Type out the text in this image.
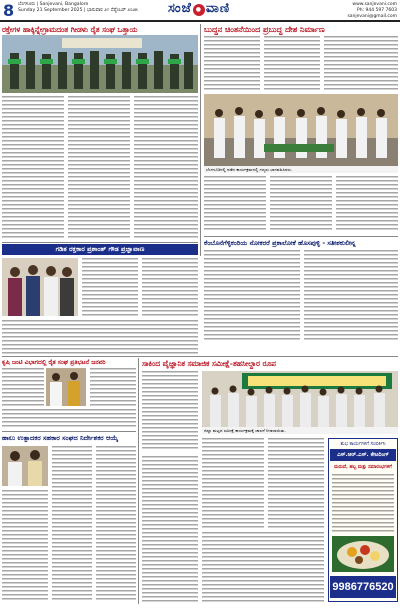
8 ಬೆಂಗಳೂರು | Sanjevani, Bangalore
Sunday 21 September 2025 | ಭಾನುವಾರ ೨೧ ಸೆಪ್ಟೆಂಬರ್ ೨೦೨೫ ಸಂಜೆ ● ವಾಣಿ	www.sanjevani.com
Ph: 944 597 7603
sanjevani@gmail.com
ರಕ್ತೇಗಳ ಹಾಕ್ಕಿನ್ನೇಗ್ರಾಮದಂತ ಗೀಡಳು ರೈತ ಸಂಘ ಒತ್ತಾಯ	ಬುದ್ಧನ ಚಿಂತನೆಯಿಂದ ಪ್ರಬುದ್ಧ ದೇಶ ನಿರ್ಮಾಣ
ಬೆಂಗಳೂರಿನಲ್ಲಿ ನಡೆದ ಕಾರ್ಯಕ್ರಮದಲ್ಲಿ ಗಣ್ಯರು ಭಾಗವಹಿಸಿದರು.
ಕೆಂಬೊನೆಗೆಳ್ಳಿಕಂರಿಯ ನೋಕರರೆ ಪ್ರಕಾಲೋಕೆ ಹೊಸಪುಳ್ಳಿ - ಸತೀಶಕುಲೀನ್ನ
ಗಡಿತ ರಕ್ತಕಾರ ಪ್ರಶಾಂತ್ ಗೌಡ ಪ್ರಜ್ಞಾವಾಣ
ಕೃಷಿ ಜಂಟಿ ವಿಭಾಗದಲ್ಲಿ ರೈತ ಸಂಘ ಪ್ರತಿಭಟನೆ ಜನವರಿ	ಸಾಕಿಂದ ವೈಜ್ಞಾನಿಕ ಸಮಾಜಿಕ ಸಮೀಕ್ಷೆ-ತಹಸೀಲ್ದಾರ ರೂಪ
ಜಿಲ್ಲಾ ಮಟ್ಟದ ಸಮೀಕ್ಷೆ ಕಾರ್ಯಕ್ರಮಕ್ಕೆ ಚಾಲನೆ ನೀಡಲಾಯಿತು.
ಹಾಲು ಉತ್ಪಾದಕರ ಸಹಕಾರ ಸಂಘದ ನಿರ್ದೇಶಕರ ಆಯ್ಕೆ
ಶುಭ ಕಾರ್ಯಗಳಿಗೆ ಸಂಪರ್ಕಿಸಿ
ಎಸ್.ಆರ್.ಎಸ್. ಕೇಟರಿಂಗ್
ಮದುವೆ, ಹಬ್ಬ ಮತ್ತು ಸಮಾರಂಭಗಳಿಗೆ
9986776520
